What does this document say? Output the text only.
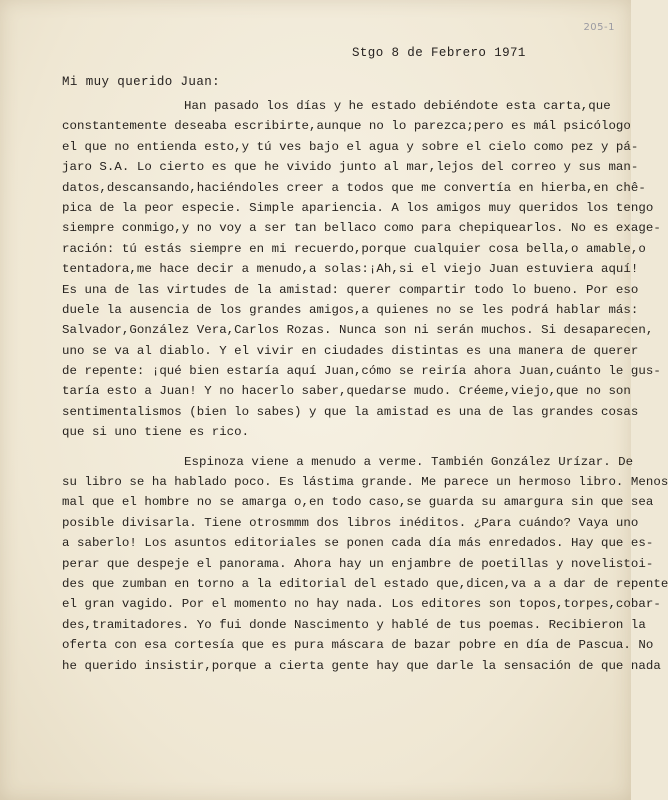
205-1
Stgo 8 de Febrero 1971
Mi muy querido Juan:
Han pasado los días y he estado debiéndote esta carta,que
constantemente deseaba escribirte,aunque no lo parezca;pero es mál psicólogo
el que no entienda esto,y tú ves bajo el agua y sobre el cielo como pez y pá-
jaro S.A. Lo cierto es que he vivido junto al mar,lejos del correo y sus man-
datos,descansando,haciéndoles creer a todos que me convertía en hierba,en chê-
pica de la peor especie. Simple apariencia. A los amigos muy queridos los tengo
siempre conmigo,y no voy a ser tan bellaco como para chepiquearlos. No es exage-
ración: tú estás siempre en mi recuerdo,porque cualquier cosa bella,o amable,o
tentadora,me hace decir a menudo,a solas:¡Ah,si el viejo Juan estuviera aquí!
Es una de las virtudes de la amistad: querer compartir todo lo bueno. Por eso
duele la ausencia de los grandes amigos,a quienes no se les podrá hablar más:
Salvador,González Vera,Carlos Rozas. Nunca son ni serán muchos. Si desaparecen,
uno se va al diablo. Y el vivir en ciudades distintas es una manera de querer
de repente: ¡qué bien estaría aquí Juan,cómo se reiría ahora Juan,cuánto le gus-
taría esto a Juan! Y no hacerlo saber,quedarse mudo. Créeme,viejo,que no son
sentimentalismos (bien lo sabes) y que la amistad es una de las grandes cosas
que si uno tiene es rico.
Espinoza viene a menudo a verme. También González Urízar. De
su libro se ha hablado poco. Es lástima grande. Me parece un hermoso libro. Menos
mal que el hombre no se amarga o,en todo caso,se guarda su amargura sin que sea
posible divisarla. Tiene otrosmmm dos libros inéditos. ¿Para cuándo? Vaya uno
a saberlo! Los asuntos editoriales se ponen cada día más enredados. Hay que es-
perar que despeje el panorama. Ahora hay un enjambre de poetillas y novelistoi-
des que zumban en torno a la editorial del estado que,dicen,va a a dar de repente
el gran vagido. Por el momento no hay nada. Los editores son topos,torpes,cobar-
des,tramitadores. Yo fui donde Nascimento y hablé de tus poemas. Recibieron la
oferta con esa cortesía que es pura máscara de bazar pobre en día de Pascua. No
he querido insistir,porque a cierta gente hay que darle la sensación de que nada
